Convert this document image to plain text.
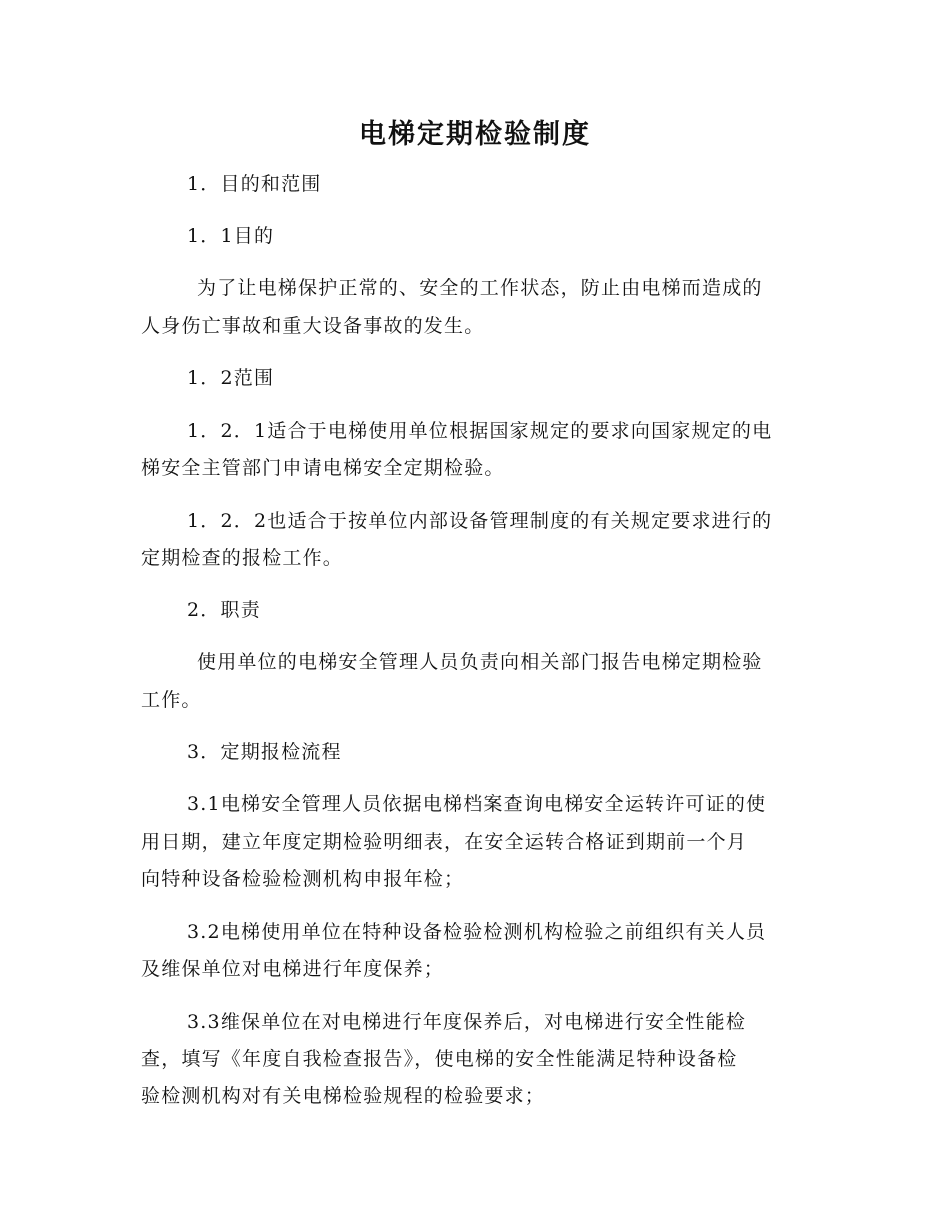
电梯定期检验制度
1．目的和范围
1．1目的
为了让电梯保护正常的、安全的工作状态，防止由电梯而造成的
人身伤亡事故和重大设备事故的发生。
1．2范围
1．2．1适合于电梯使用单位根据国家规定的要求向国家规定的电
梯安全主管部门申请电梯安全定期检验。
1．2．2也适合于按单位内部设备管理制度的有关规定要求进行的
定期检查的报检工作。
2．职责
使用单位的电梯安全管理人员负责向相关部门报告电梯定期检验
工作。
3．定期报检流程
3.1电梯安全管理人员依据电梯档案查询电梯安全运转许可证的使
用日期，建立年度定期检验明细表，在安全运转合格证到期前一个月
向特种设备检验检测机构申报年检；
3.2电梯使用单位在特种设备检验检测机构检验之前组织有关人员
及维保单位对电梯进行年度保养；
3.3维保单位在对电梯进行年度保养后，对电梯进行安全性能检
查，填写《年度自我检查报告》，使电梯的安全性能满足特种设备检
验检测机构对有关电梯检验规程的检验要求；
